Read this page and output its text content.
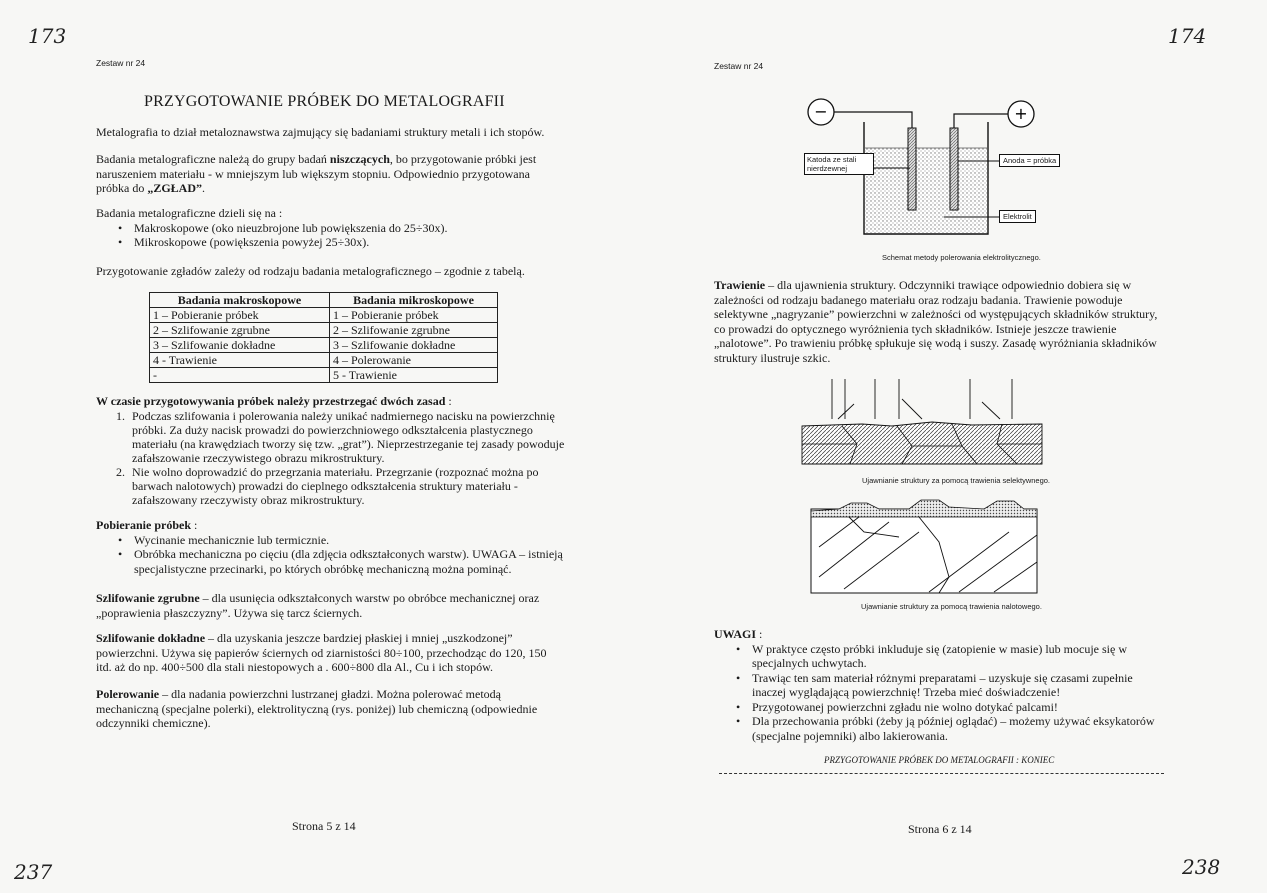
173
237
Zestaw nr 24
PRZYGOTOWANIE PRÓBEK DO METALOGRAFII
Metalografia to dział metaloznawstwa zajmujący się badaniami struktury metali i ich stopów.
Badania metalograficzne należą do grupy badań niszczących, bo przygotowanie próbki jest naruszeniem materiału - w mniejszym lub większym stopniu. Odpowiednio przygotowana próbka do „ZGŁAD”.

Badania metalograficzne dzieli się na :

• Makroskopowe (oko nieuzbrojone lub powiększenia do 25÷30x).
• Mikroskopowe (powiększenia powyżej 25÷30x).
Przygotowanie zgładów zależy od rodzaju badania metalograficznego – zgodnie z tabelą.
Badania makroskopowe	Badania mikroskopowe
1 – Pobieranie próbek	1 – Pobieranie próbek
2 – Szlifowanie zgrubne	2 – Szlifowanie zgrubne
3 – Szlifowanie dokładne	3 – Szlifowanie dokładne
4 - Trawienie	4 – Polerowanie
-	5 - Trawienie

W czasie przygotowywania próbek należy przestrzegać dwóch zasad :

1. Podczas szlifowania i polerowania należy unikać nadmiernego nacisku na powierzchnię próbki. Za duży nacisk prowadzi do powierzchniowego odkształcenia plastycznego materiału (na krawędziach tworzy się tzw. „grat”). Nieprzestrzeganie tej zasady powoduje zafałszowanie rzeczywistego obrazu mikrostruktury.
2. Nie wolno doprowadzić do przegrzania materiału. Przegrzanie (rozpoznać można po barwach nalotowych) prowadzi do cieplnego odkształcenia struktury materiału - zafałszowany rzeczywisty obraz mikrostruktury.

Pobieranie próbek :

• Wycinanie mechanicznie lub termicznie.
• Obróbka mechaniczna po cięciu (dla zdjęcia odkształconych warstw). UWAGA – istnieją specjalistyczne przecinarki, po których obróbkę mechaniczną można pominąć.
Szlifowanie zgrubne – dla usunięcia odkształconych warstw po obróbce mechanicznej oraz „poprawienia płaszczyzny”. Używa się tarcz ściernych.
Szlifowanie dokładne – dla uzyskania jeszcze bardziej płaskiej i mniej „uszkodzonej” powierzchni. Używa się papierów ściernych od ziarnistości 80÷100, przechodząc do 120, 150 itd. aż do np. 400÷500 dla stali niestopowych a . 600÷800 dla Al., Cu i ich stopów.
Polerowanie – dla nadania powierzchni lustrzanej gładzi. Można polerować metodą mechaniczną (specjalne polerki), elektrolityczną (rys. poniżej) lub chemiczną (odpowiednie odczynniki chemiczne).
Strona 5 z 14
174
238
Zestaw nr 24
−	+
Katoda ze stali nierdzewnej
Anoda = próbka
Elektrolit
Schemat metody polerowania elektrolitycznego.
Trawienie – dla ujawnienia struktury. Odczynniki trawiące odpowiednio dobiera się w zależności od rodzaju badanego materiału oraz rodzaju badania. Trawienie powoduje selektywne „nagryzanie” powierzchni w zależności od występujących składników struktury, co prowadzi do optycznego wyróżnienia tych składników. Istnieje jeszcze trawienie „nalotowe”. Po trawieniu próbkę spłukuje się wodą i suszy. Zasadę wyróżniania składników struktury ilustruje szkic.
Ujawnianie struktury za pomocą trawienia selektywnego.
Ujawnianie struktury za pomocą trawienia nalotowego.

UWAGI :

• W praktyce często próbki inkluduje się (zatopienie w masie) lub mocuje się w specjalnych uchwytach.
• Trawiąc ten sam materiał różnymi preparatami – uzyskuje się czasami zupełnie inaczej wyglądającą powierzchnię! Trzeba mieć doświadczenie!
• Przygotowanej powierzchni zgładu nie wolno dotykać palcami!
• Dla przechowania próbki (żeby ją później oglądać) – możemy używać eksykatorów (specjalne pojemniki) albo lakierowania.
PRZYGOTOWANIE PRÓBEK DO METALOGRAFII : KONIEC
Strona 6 z 14
